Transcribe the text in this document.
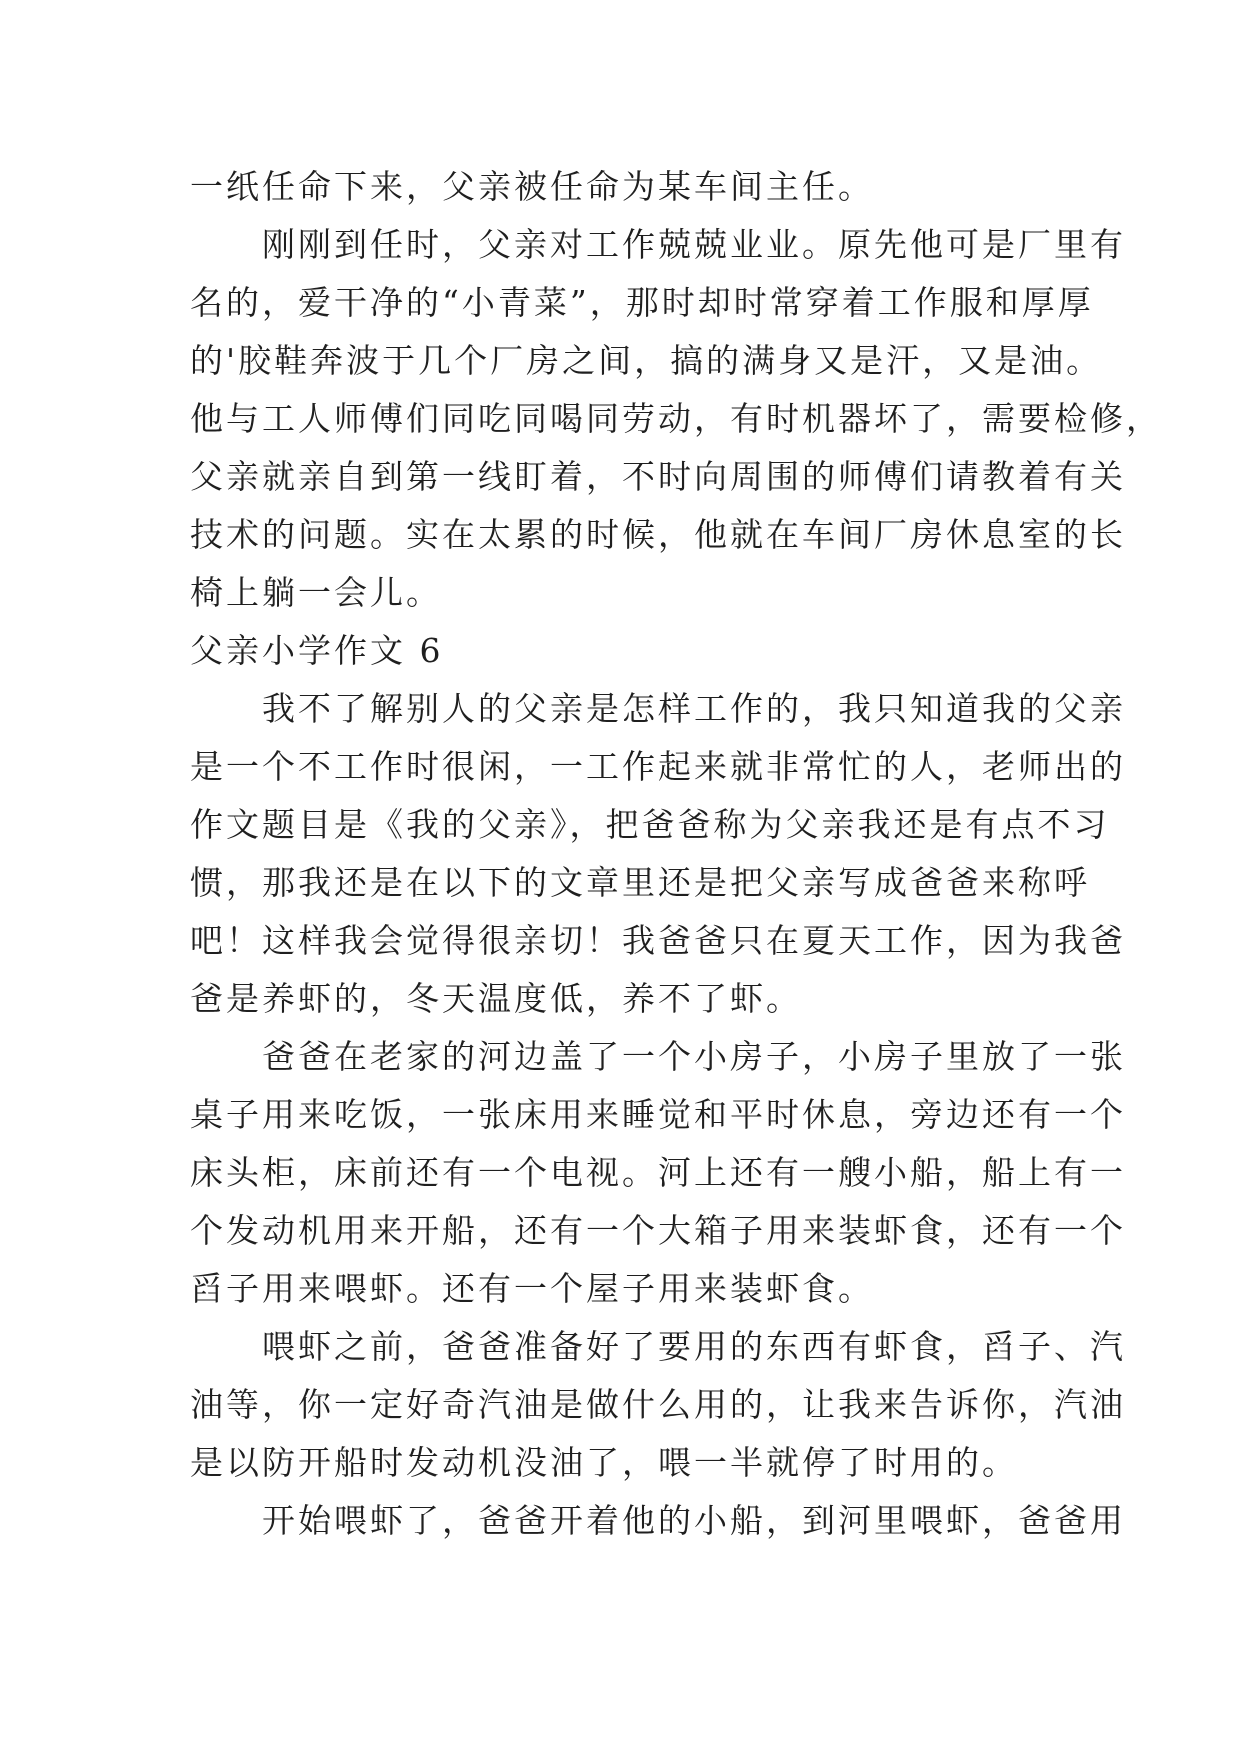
一纸任命下来，父亲被任命为某车间主任。
　　刚刚到任时，父亲对工作兢兢业业。原先他可是厂里有
名的，爱干净的“小青菜”，那时却时常穿着工作服和厚厚
的'胶鞋奔波于几个厂房之间，搞的满身又是汗，又是油。
他与工人师傅们同吃同喝同劳动，有时机器坏了，需要检修，
父亲就亲自到第一线盯着，不时向周围的师傅们请教着有关
技术的问题。实在太累的时候，他就在车间厂房休息室的长
椅上躺一会儿。
父亲小学作文 6
　　我不了解别人的父亲是怎样工作的，我只知道我的父亲
是一个不工作时很闲，一工作起来就非常忙的人，老师出的
作文题目是《我的父亲》，把爸爸称为父亲我还是有点不习
惯，那我还是在以下的文章里还是把父亲写成爸爸来称呼
吧！这样我会觉得很亲切！我爸爸只在夏天工作，因为我爸
爸是养虾的，冬天温度低，养不了虾。
　　爸爸在老家的河边盖了一个小房子，小房子里放了一张
桌子用来吃饭，一张床用来睡觉和平时休息，旁边还有一个
床头柜，床前还有一个电视。河上还有一艘小船，船上有一
个发动机用来开船，还有一个大箱子用来装虾食，还有一个
舀子用来喂虾。还有一个屋子用来装虾食。
　　喂虾之前，爸爸准备好了要用的东西有虾食，舀子、汽
油等，你一定好奇汽油是做什么用的，让我来告诉你，汽油
是以防开船时发动机没油了，喂一半就停了时用的。
　　开始喂虾了，爸爸开着他的小船，到河里喂虾，爸爸用
